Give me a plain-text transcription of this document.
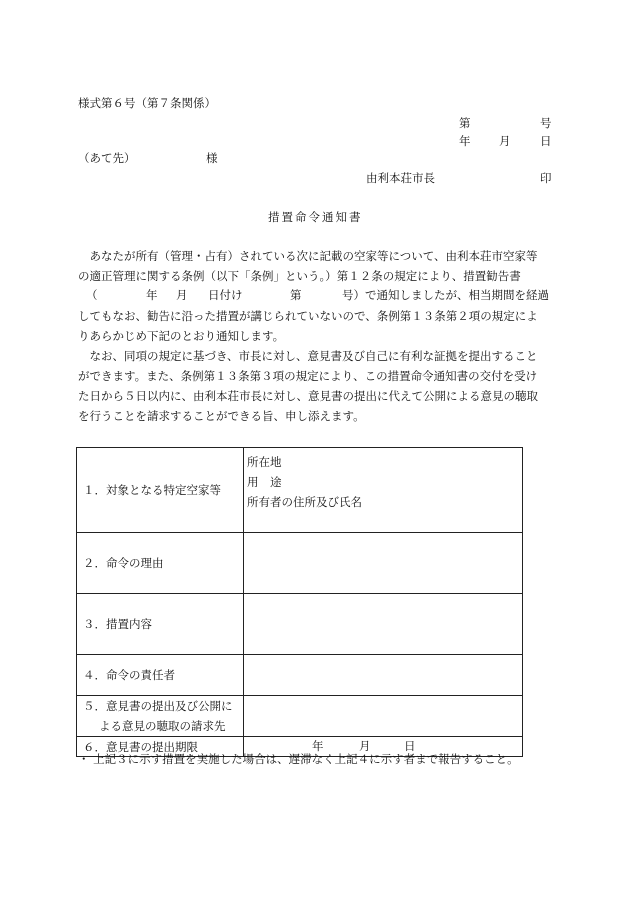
様式第６号（第７条関係）
第	号
年 月	日
（あて先）	様
由利本荘市長	印
措置命令通知書
あなたが所有（管理・占有）されている次に記載の空家等について、由利本荘市空家等
の適正管理に関する条例（以下「条例」という。）第１２条の規定により、措置勧告書
（	年 月 日付け	第	号）で通知しましたが、相当期間を経過
してもなお、勧告に沿った措置が講じられていないので、条例第１３条第２項の規定によ
りあらかじめ下記のとおり通知します。
なお、同項の規定に基づき、市長に対し、意見書及び自己に有利な証拠を提出すること
ができます。また、条例第１３条第３項の規定により、この措置命令通知書の交付を受け
た日から５日以内に、由利本荘市長に対し、意見書の提出に代えて公開による意見の聴取
を行うことを請求することができる旨、申し添えます。
１．対象となる特定空家等	所在地
用　途
所有者の住所及び氏名

２．命令の理由	
３．措置内容	
４．命令の責任者	

５．意見書の提出及び公開に
よる意見の聴取の請求先	

６．意見書の提出期限	年 月 日
・ 上記３に示す措置を実施した場合は、遅滞なく上記４に示す者まで報告すること。
